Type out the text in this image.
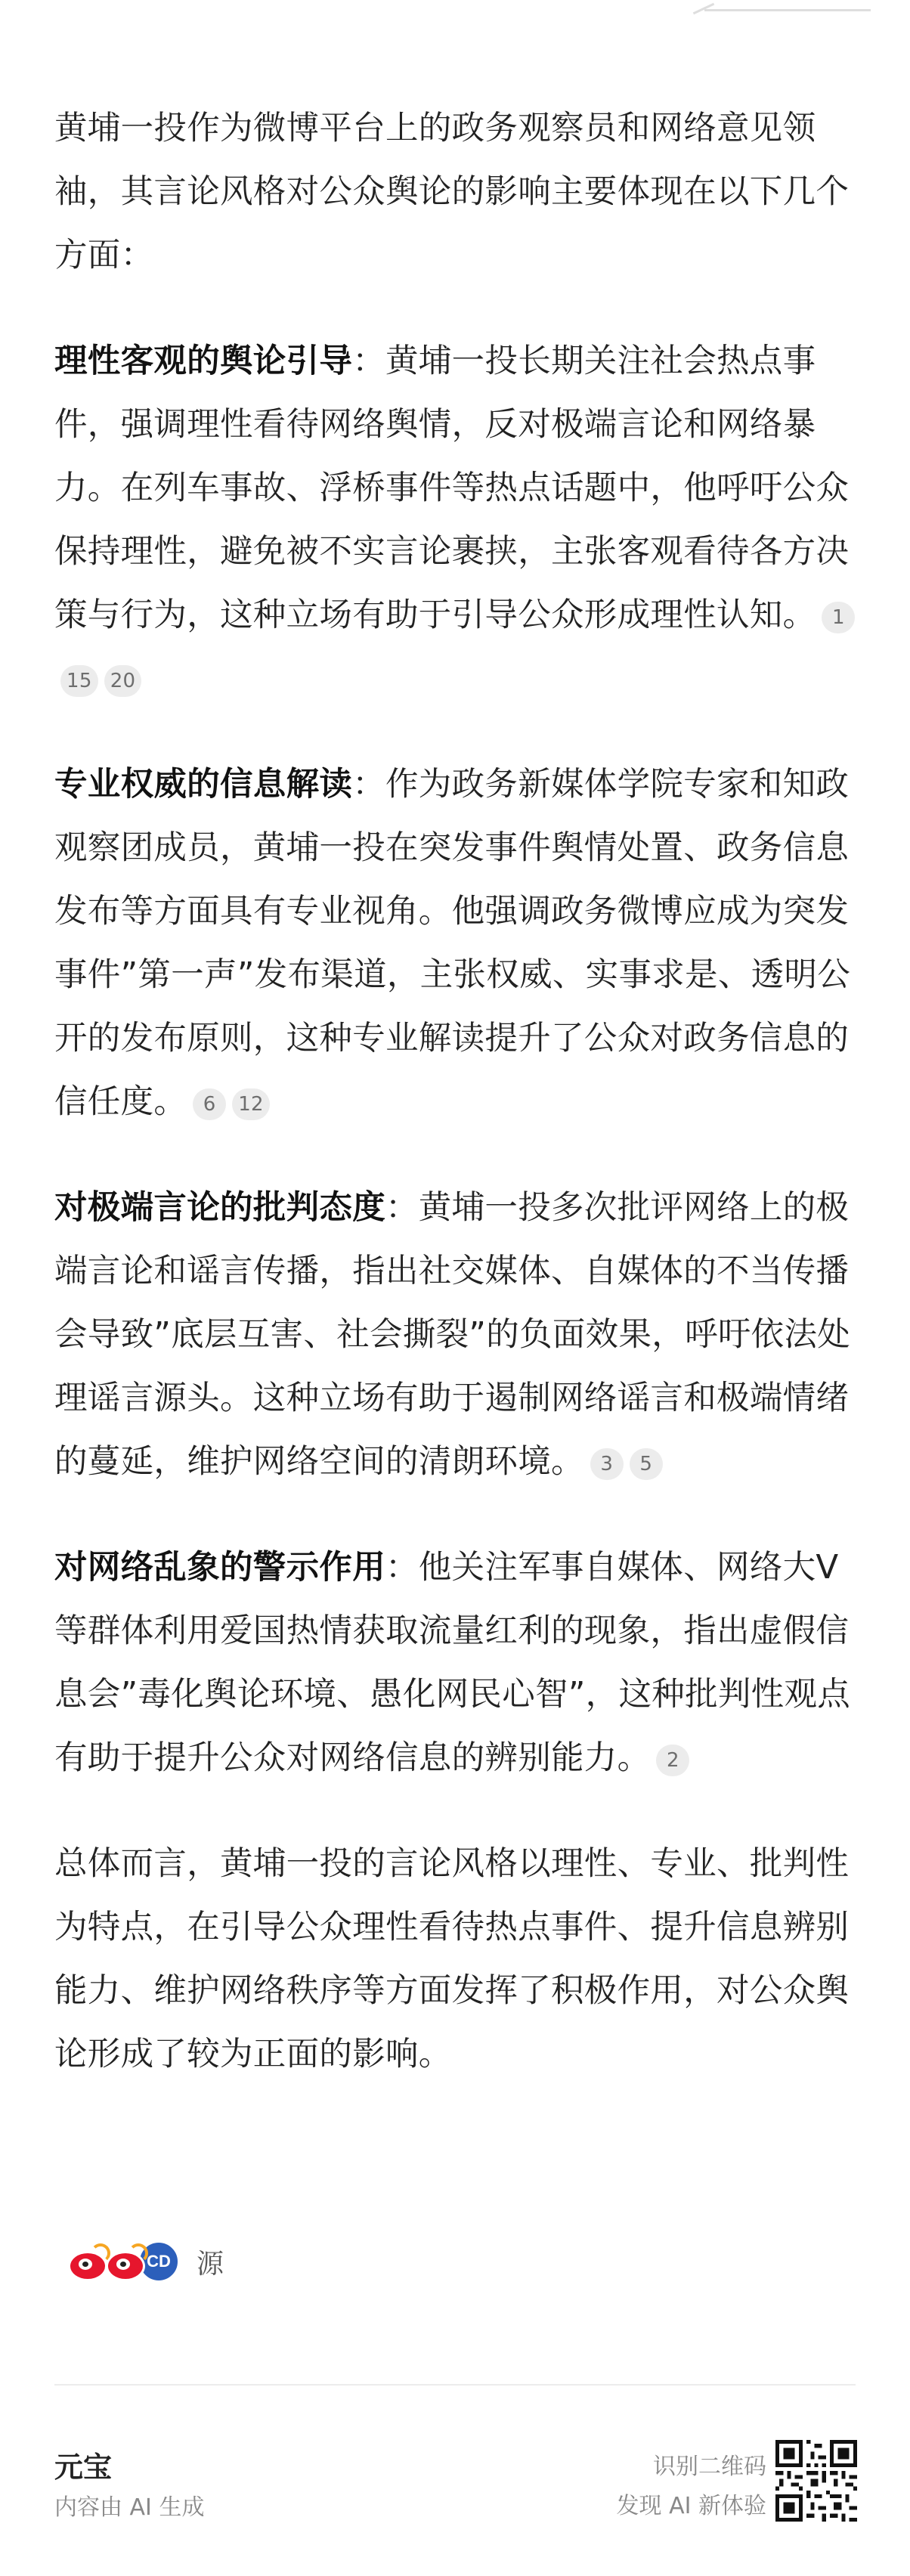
黄埔一投作为微博平台上的政务观察员和网络意见领袖，其言论风格对公众舆论的影响主要体现在以下几个方面：

理性客观的舆论引导：黄埔一投长期关注社会热点事件，强调理性看待网络舆情，反对极端言论和网络暴力。在列车事故、浮桥事件等热点话题中，他呼吁公众保持理性，避免被不实言论裹挟，主张客观看待各方决策与行为，这种立场有助于引导公众形成理性认知。 115 20

专业权威的信息解读：作为政务新媒体学院专家和知政观察团成员，黄埔一投在突发事件舆情处置、政务信息发布等方面具有专业视角。他强调政务微博应成为突发事件”第一声”发布渠道，主张权威、实事求是、透明公开的发布原则，这种专业解读提升了公众对政务信息的信任度。 6 12

对极端言论的批判态度：黄埔一投多次批评网络上的极端言论和谣言传播，指出社交媒体、自媒体的不当传播会导致”底层互害、社会撕裂”的负面效果，呼吁依法处理谣言源头。这种立场有助于遏制网络谣言和极端情绪的蔓延，维护网络空间的清朗环境。 3 5

对网络乱象的警示作用：他关注军事自媒体、网络大V等群体利用爱国热情获取流量红利的现象，指出虚假信息会”毒化舆论环境、愚化网民心智”，这种批判性观点有助于提升公众对网络信息的辨别能力。 2

总体而言，黄埔一投的言论风格以理性、专业、批判性为特点，在引导公众理性看待热点事件、提升信息辨别能力、维护网络秩序等方面发挥了积极作用，对公众舆论形成了较为正面的影响。

CD 源
元宝
内容由 AI 生成
识别二维码
发现 AI 新体验
